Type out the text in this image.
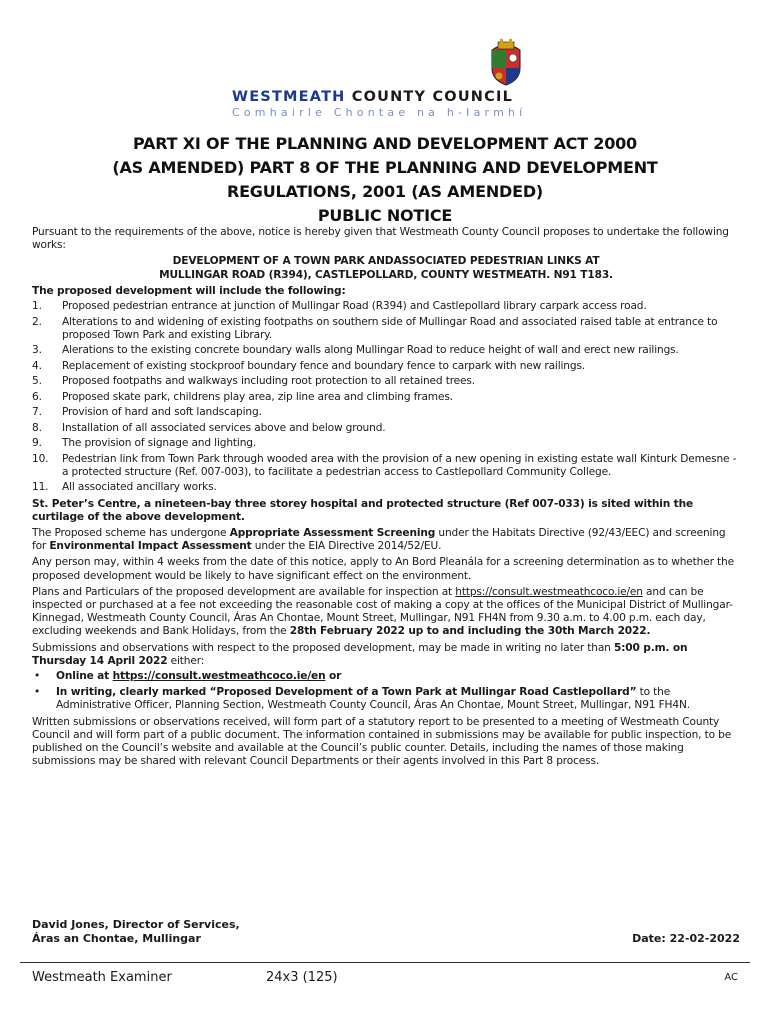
WESTMEATH COUNTY COUNCIL
Comhairle Chontae na h-Iarmhí
PART XI OF THE PLANNING AND DEVELOPMENT ACT 2000
(AS AMENDED) PART 8 OF THE PLANNING AND DEVELOPMENT
REGULATIONS, 2001 (AS AMENDED)
PUBLIC NOTICE

Pursuant to the requirements of the above, notice is hereby given that Westmeath County Council proposes to undertake the following works:

DEVELOPMENT OF A TOWN PARK ANDASSOCIATED PEDESTRIAN LINKS AT
MULLINGAR ROAD (R394), CASTLEPOLLARD, COUNTY WESTMEATH. N91 T183.

The proposed development will include the following:

1.	Proposed pedestrian entrance at junction of Mullingar Road (R394) and Castlepollard library carpark access road.
2.	Alterations to and widening of existing footpaths on southern side of Mullingar Road and associated raised table at entrance to proposed Town Park and existing Library.
3.	Alerations to the existing concrete boundary walls along Mullingar Road to reduce height of wall and erect new railings.
4.	Replacement of existing stockproof boundary fence and boundary fence to carpark with new railings.
5.	Proposed footpaths and walkways including root protection to all retained trees.
6.	Proposed skate park, childrens play area, zip line area and climbing frames.
7.	Provision of hard and soft landscaping.
8.	Installation of all associated services above and below ground.
9.	The provision of signage and lighting.
10.	Pedestrian link from Town Park through wooded area with the provision of a new opening in existing estate wall Kinturk Demesne - a protected structure (Ref. 007-003), to facilitate a pedestrian access to Castlepollard Community College.
11.	All associated ancillary works.

St. Peter’s Centre, a nineteen-bay three storey hospital and protected structure (Ref 007-033) is sited within the curtilage of the above development.

The Proposed scheme has undergone Appropriate Assessment Screening under the Habitats Directive (92/43/EEC) and screening for Environmental Impact Assessment under the EIA Directive 2014/52/EU.

Any person may, within 4 weeks from the date of this notice, apply to An Bord Pleanála for a screening determination as to whether the proposed development would be likely to have significant effect on the environment.

Plans and Particulars of the proposed development are available for inspection at https://consult.westmeathcoco.ie/en and can be inspected or purchased at a fee not exceeding the reasonable cost of making a copy at the offices of the Municipal District of Mullingar-Kinnegad, Westmeath County Council, Áras An Chontae, Mount Street, Mullingar, N91 FH4N from 9.30 a.m. to 4.00 p.m. each day, excluding weekends and Bank Holidays, from the 28th February 2022 up to and including the 30th March 2022.

Submissions and observations with respect to the proposed development, may be made in writing no later than 5:00 p.m. on Thursday 14 April 2022 either:

• Online at https://consult.westmeathcoco.ie/en or
• In writing, clearly marked “Proposed Development of a Town Park at Mullingar Road Castlepollard” to the Administrative Officer, Planning Section, Westmeath County Council, Áras An Chontae, Mount Street, Mullingar, N91 FH4N.

Written submissions or observations received, will form part of a statutory report to be presented to a meeting of Westmeath County Council and will form part of a public document. The information contained in submissions may be available for public inspection, to be published on the Council’s website and available at the Council’s public counter. Details, including the names of those making submissions may be shared with relevant Council Departments or their agents involved in this Part 8 process.

David Jones, Director of Services,
Áras an Chontae, Mullingar	Date: 22-02-2022
Westmeath Examiner	24x3 (125)	AC
